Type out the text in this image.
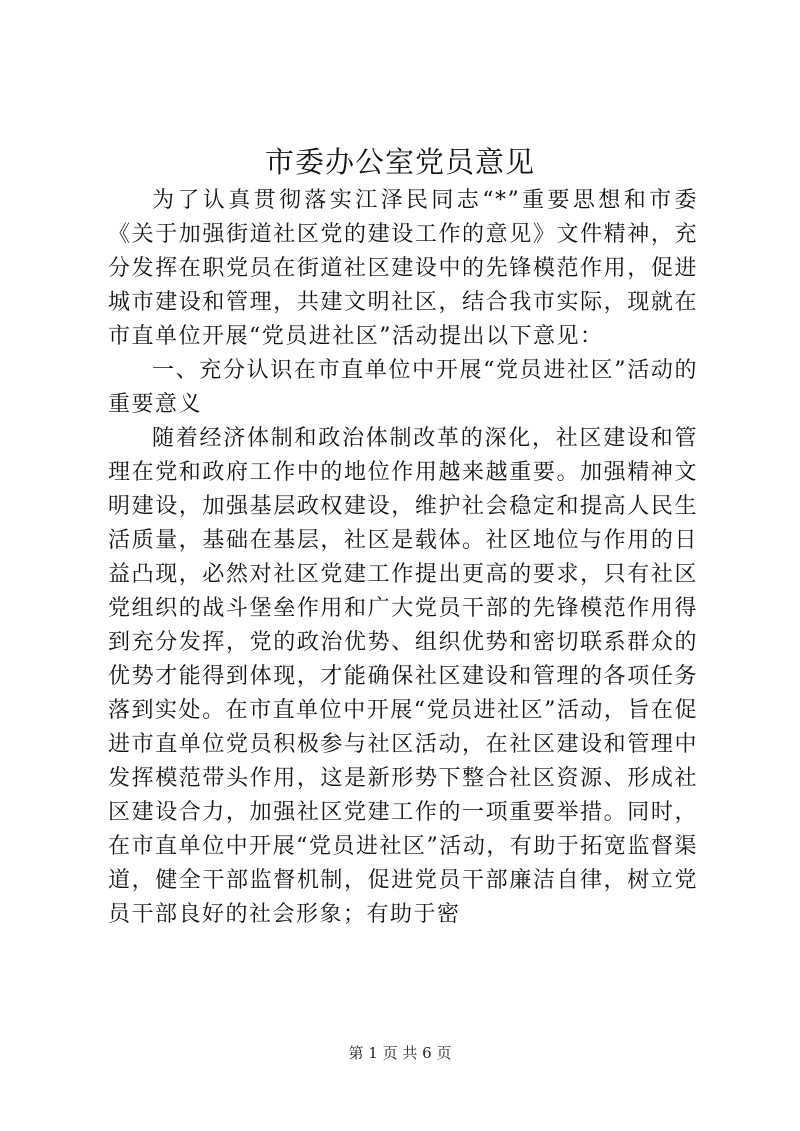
市委办公室党员意见

为了认真贯彻落实江泽民同志“*”重要思想和市委《关于加强街道社区党的建设工作的意见》文件精神，充分发挥在职党员在街道社区建设中的先锋模范作用，促进城市建设和管理，共建文明社区，结合我市实际，现就在市直单位开展“党员进社区”活动提出以下意见：

一、充分认识在市直单位中开展“党员进社区”活动的重要意义

随着经济体制和政治体制改革的深化，社区建设和管理在党和政府工作中的地位作用越来越重要。加强精神文明建设，加强基层政权建设，维护社会稳定和提高人民生活质量，基础在基层，社区是载体。社区地位与作用的日益凸现，必然对社区党建工作提出更高的要求，只有社区党组织的战斗堡垒作用和广大党员干部的先锋模范作用得到充分发挥，党的政治优势、组织优势和密切联系群众的优势才能得到体现，才能确保社区建设和管理的各项任务落到实处。在市直单位中开展“党员进社区”活动，旨在促进市直单位党员积极参与社区活动，在社区建设和管理中发挥模范带头作用，这是新形势下整合社区资源、形成社区建设合力，加强社区党建工作的一项重要举措。同时，在市直单位中开展“党员进社区”活动，有助于拓宽监督渠道，健全干部监督机制，促进党员干部廉洁自律，树立党员干部良好的社会形象；有助于密

第 1 页 共 6 页
